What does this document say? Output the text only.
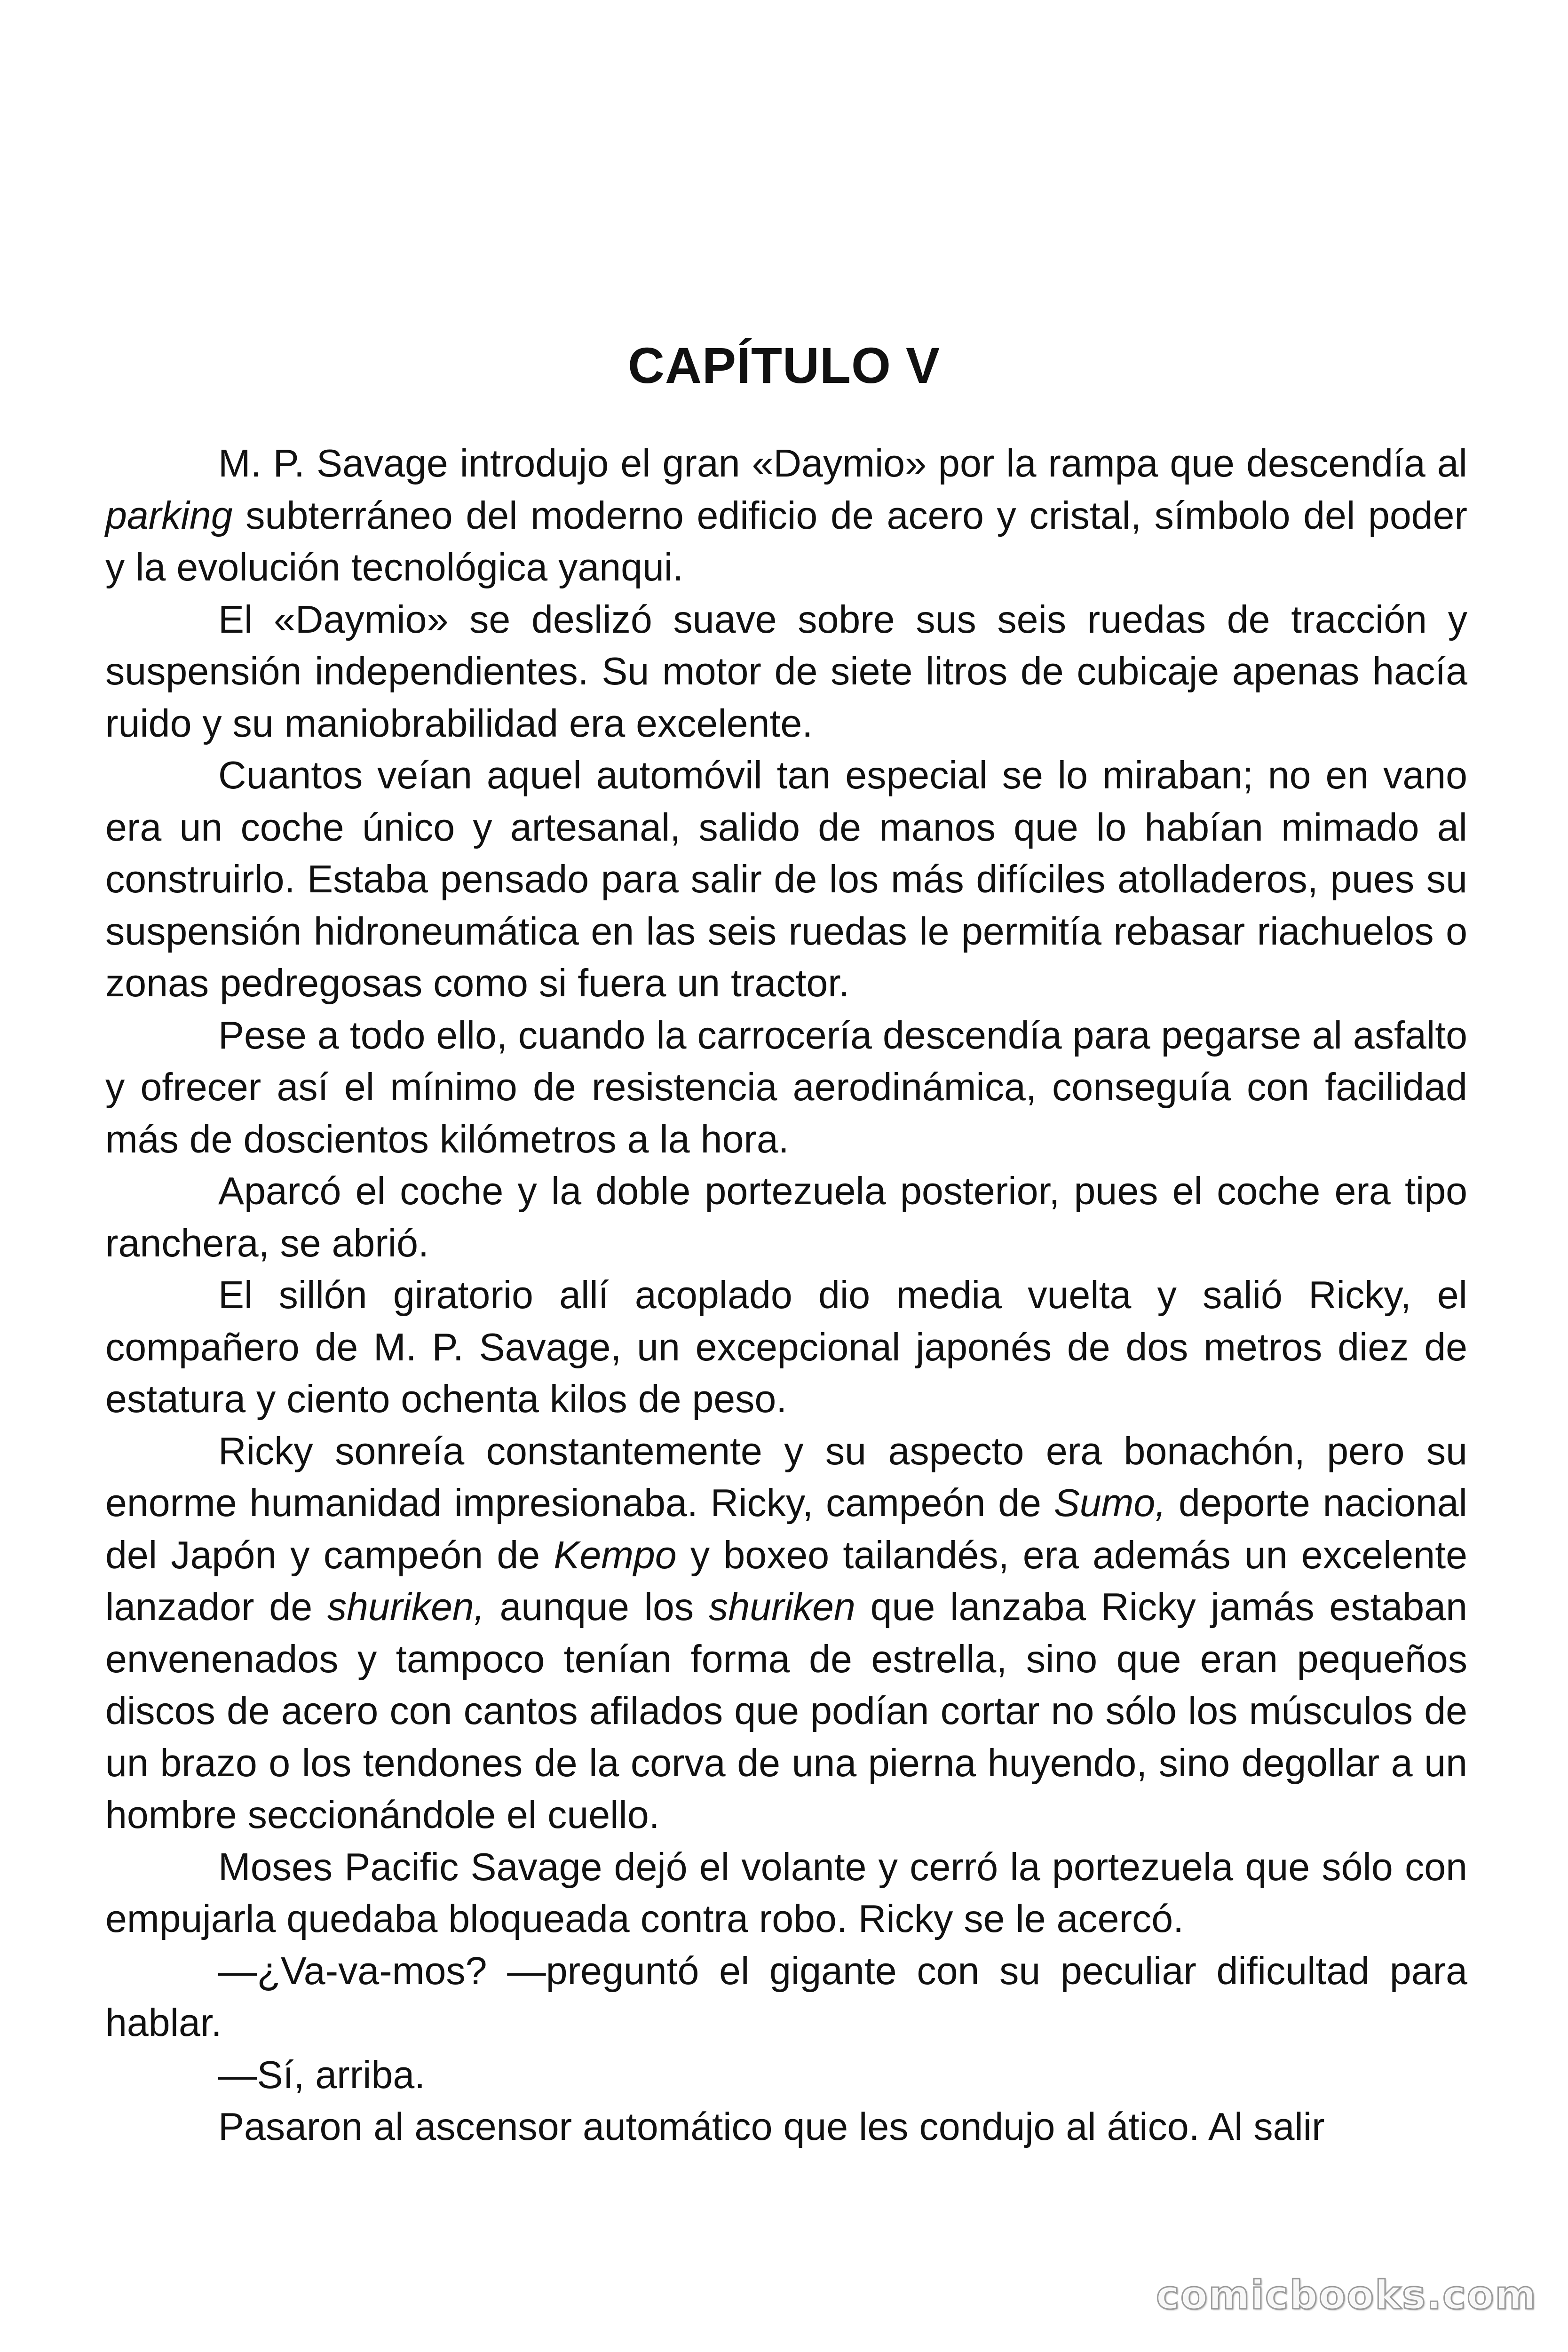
CAPÍTULO V

M. P. Savage introdujo el gran «Daymio» por la rampa que descendía al parking subterráneo del moderno edificio de acero y cristal, símbolo del poder y la evolución tecnológica yanqui.

El «Daymio» se deslizó suave sobre sus seis ruedas de tracción y suspensión independientes. Su motor de siete litros de cubicaje apenas hacía ruido y su maniobrabilidad era excelente.

Cuantos veían aquel automóvil tan especial se lo miraban; no en vano era un coche único y artesanal, salido de manos que lo habían mimado al construirlo. Estaba pensado para salir de los más difíciles atolladeros, pues su suspensión hidroneumática en las seis ruedas le permitía rebasar riachuelos o zonas pedregosas como si fuera un tractor.

Pese a todo ello, cuando la carrocería descendía para pegarse al asfalto y ofrecer así el mínimo de resistencia aerodinámica, conseguía con facilidad más de doscientos kilómetros a la hora.

Aparcó el coche y la doble portezuela posterior, pues el coche era tipo ranchera, se abrió.

El sillón giratorio allí acoplado dio media vuelta y salió Ricky, el compañero de M. P. Savage, un excepcional japonés de dos metros diez de estatura y ciento ochenta kilos de peso.

Ricky sonreía constantemente y su aspecto era bonachón, pero su enorme humanidad impresionaba. Ricky, campeón de Sumo, deporte nacional del Japón y campeón de Kempo y boxeo tailandés, era además un excelente lanzador de shuriken, aunque los shuriken que lanzaba Ricky jamás estaban envenenados y tampoco tenían forma de estrella, sino que eran pequeños discos de acero con cantos afilados que podían cortar no sólo los músculos de un brazo o los tendones de la corva de una pierna huyendo, sino degollar a un hombre seccionándole el cuello.

Moses Pacific Savage dejó el volante y cerró la portezuela que sólo con empujarla quedaba bloqueada contra robo. Ricky se le acercó.

—¿Va-va-mos? —preguntó el gigante con su peculiar dificultad para hablar.

—Sí, arriba.

Pasaron al ascensor automático que les condujo al ático. Al salir

comicbooks.com
